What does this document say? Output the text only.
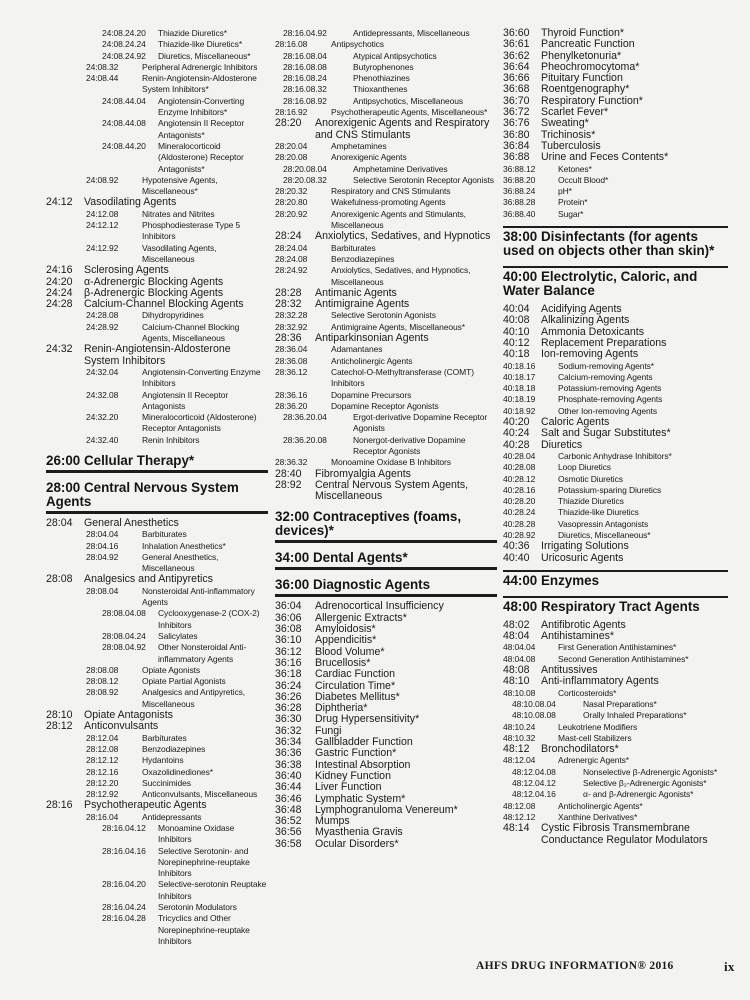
24:08.24.20 Thiazide Diuretics*
24:08.24.24 Thiazide-like Diuretics*
24:08.24.92 Diuretics, Miscellaneous*
24:08.32	Peripheral Adrenergic Inhibitors
24:08.44	Renin-Angiotensin-Aldosterone System Inhibitors*
24:08.44.04 Angiotensin-Converting Enzyme Inhibitors*
24:08.44.08 Angiotensin II Receptor Antagonists*
24:08.44.20 Mineralocorticoid (Aldosterone) Receptor Antagonists*
24:08.92	Hypotensive Agents, Miscellaneous*
24:12 Vasodilating Agents
24:12.08	Nitrates and Nitrites
24:12.12	Phosphodiesterase Type 5 Inhibitors
24:12.92	Vasodilating Agents, Miscellaneous
24:16 Sclerosing Agents
24:20 α-Adrenergic Blocking Agents
24:24 β-Adrenergic Blocking Agents
24:28 Calcium-Channel Blocking Agents
24:28.08	Dihydropyridines
24:28.92	Calcium-Channel Blocking Agents, Miscellaneous
24:32 Renin-Angiotensin-Aldosterone System Inhibitors
24:32.04	Angiotensin-Converting Enzyme Inhibitors
24:32.08	Angiotensin II Receptor Antagonists
24:32.20	Mineralocorticoid (Aldosterone) Receptor Antagonists
24:32.40	Renin Inhibitors
26:00 Cellular Therapy*
28:00 Central Nervous System Agents
28:04 General Anesthetics
28:04.04	Barbiturates
28:04.16	Inhalation Anesthetics*
28:04.92	General Anesthetics, Miscellaneous
28:08 Analgesics and Antipyretics
28:08.04	Nonsteroidal Anti-inflammatory Agents
28:08.04.08 Cyclooxygenase-2 (COX-2) Inhibitors
28:08.04.24 Salicylates
28:08.04.92 Other Nonsteroidal Anti-inflammatory Agents
28:08.08	Opiate Agonists
28:08.12	Opiate Partial Agonists
28:08.92	Analgesics and Antipyretics, Miscellaneous
28:10 Opiate Antagonists
28:12 Anticonvulsants
28:12.04	Barbiturates
28:12.08	Benzodiazepines
28:12.12	Hydantoins
28:12.16	Oxazolidinediones*
28:12.20	Succinimides
28:12.92	Anticonvulsants, Miscellaneous
28:16 Psychotherapeutic Agents
28:16.04	Antidepressants
28:16.04.12 Monoamine Oxidase Inhibitors
28:16.04.16 Selective Serotonin- and Norepinephrine-reuptake Inhibitors
28:16.04.20 Selective-serotonin Reuptake Inhibitors
28:16.04.24 Serotonin Modulators
28:16.04.28 Tricyclics and Other Norepinephrine-reuptake Inhibitors
28:16.04.92	Antidepressants, Miscellaneous
28:16.08	Antipsychotics
28:16.08.04	Atypical Antipsychotics
28:16.08.08	Butyrophenones
28:16.08.24	Phenothiazines
28:16.08.32	Thioxanthenes
28:16.08.92	Antipsychotics, Miscellaneous
28:16.92	Psychotherapeutic Agents, Miscellaneous*
28:20 Anorexigenic Agents and Respiratory and CNS Stimulants
28:20.04	Amphetamines
28:20.08	Anorexigenic Agents
28:20.08.04	Amphetamine Derivatives
28:20.08.32	Selective Serotonin Receptor Agonists
28:20.32	Respiratory and CNS Stimulants
28:20.80	Wakefulness-promoting Agents
28:20.92	Anorexigenic Agents and Stimulants, Miscellaneous
28:24 Anxiolytics, Sedatives, and Hypnotics
28:24.04	Barbiturates
28:24.08	Benzodiazepines
28:24.92	Anxiolytics, Sedatives, and Hypnotics, Miscellaneous
28:28 Antimanic Agents
28:32 Antimigraine Agents
28:32.28	Selective Serotonin Agonists
28:32.92	Antimigraine Agents, Miscellaneous*
28:36 Antiparkinsonian Agents
28:36.04	Adamantanes
28:36.08	Anticholinergic Agents
28:36.12	Catechol-O-Methyltransferase (COMT) Inhibitors
28:36.16	Dopamine Precursors
28:36.20	Dopamine Receptor Agonists
28:36.20.04	Ergot-derivative Dopamine Receptor Agonists
28:36.20.08	Nonergot-derivative Dopamine Receptor Agonists
28:36.32	Monoamine Oxidase B Inhibitors
28:40 Fibromyalgia Agents
28:92 Central Nervous System Agents, Miscellaneous
32:00 Contraceptives (foams, devices)*
34:00 Dental Agents*
36:00 Diagnostic Agents
36:04 Adrenocortical Insufficiency
36:06 Allergenic Extracts*
36:08 Amyloidosis*
36:10 Appendicitis*
36:12 Blood Volume*
36:16 Brucellosis*
36:18 Cardiac Function
36:24 Circulation Time*
36:26 Diabetes Mellitus*
36:28 Diphtheria*
36:30 Drug Hypersensitivity*
36:32 Fungi
36:34 Gallbladder Function
36:36 Gastric Function*
36:38 Intestinal Absorption
36:40 Kidney Function
36:44 Liver Function
36:46 Lymphatic System*
36:48 Lymphogranuloma Venereum*
36:52 Mumps
36:56 Myasthenia Gravis
36:58 Ocular Disorders*
36:60 Thyroid Function*
36:61 Pancreatic Function
36:62 Phenylketonuria*
36:64 Pheochromocytoma*
36:66 Pituitary Function
36:68 Roentgenography*
36:70 Respiratory Function*
36:72 Scarlet Fever*
36:76 Sweating*
36:80 Trichinosis*
36:84 Tuberculosis
36:88 Urine and Feces Contents*
36:88.12	Ketones*
36:88.20	Occult Blood*
36:88.24	pH*
36:88.28	Protein*
36:88.40	Sugar*
38:00 Disinfectants (for agents used on objects other than skin)*
40:00 Electrolytic, Caloric, and Water Balance
40:04 Acidifying Agents
40:08 Alkalinizing Agents
40:10 Ammonia Detoxicants
40:12 Replacement Preparations
40:18 Ion-removing Agents
40:18.16	Sodium-removing Agents*
40:18.17	Calcium-removing Agents
40:18.18	Potassium-removing Agents
40:18.19	Phosphate-removing Agents
40:18.92	Other Ion-removing Agents
40:20 Caloric Agents
40:24 Salt and Sugar Substitutes*
40:28 Diuretics
40:28.04	Carbonic Anhydrase Inhibitors*
40:28.08	Loop Diuretics
40:28.12	Osmotic Diuretics
40:28.16	Potassium-sparing Diuretics
40:28.20	Thiazide Diuretics
40:28.24	Thiazide-like Diuretics
40:28.28	Vasopressin Antagonists
40:28.92	Diuretics, Miscellaneous*
40:36 Irrigating Solutions
40:40 Uricosuric Agents
44:00 Enzymes
48:00 Respiratory Tract Agents
48:02 Antifibrotic Agents
48:04 Antihistamines*
48:04.04	First Generation Antihistamines*
48:04.08	Second Generation Antihistamines*
48:08 Antitussives
48:10 Anti-inflammatory Agents
48:10.08	Corticosteroids*
48:10.08.04	Nasal Preparations*
48:10.08.08	Orally Inhaled Preparations*
48:10.24	Leukotriene Modifiers
48:10.32	Mast-cell Stabilizers
48:12 Bronchodilators*
48:12.04	Adrenergic Agents*
48:12.04.08	Nonselective β-Adrenergic Agonists*
48:12.04.12	Selective β₂-Adrenergic Agonists*
48:12.04.16	α- and β-Adrenergic Agonists*
48:12.08	Anticholinergic Agents*
48:12.12	Xanthine Derivatives*
48:14 Cystic Fibrosis Transmembrane Conductance Regulator Modulators
AHFS DRUG INFORMATION® 2016	ix
